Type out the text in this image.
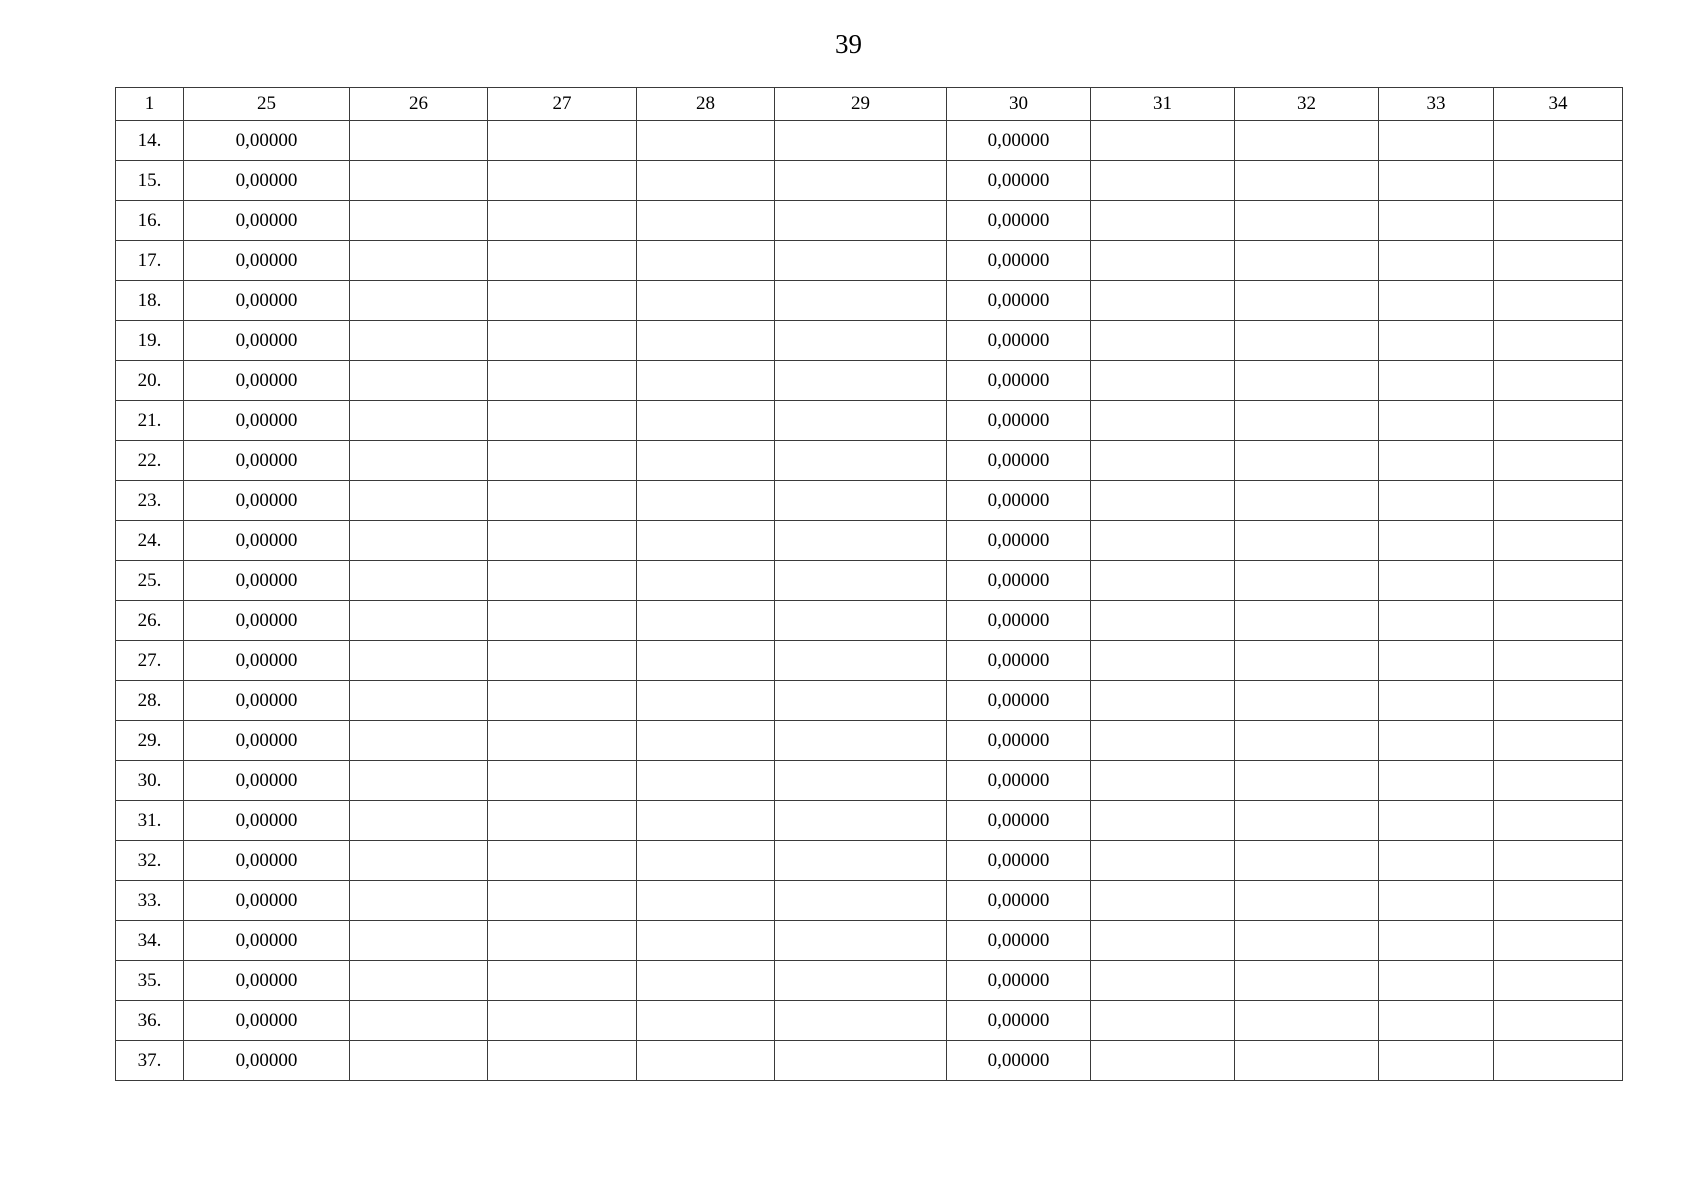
39
1	25	26	27	28	29	30	31	32	33	34
14.	0,00000					0,00000				
15.	0,00000					0,00000				
16.	0,00000					0,00000				
17.	0,00000					0,00000				
18.	0,00000					0,00000				
19.	0,00000					0,00000				
20.	0,00000					0,00000				
21.	0,00000					0,00000				
22.	0,00000					0,00000				
23.	0,00000					0,00000				
24.	0,00000					0,00000				
25.	0,00000					0,00000				
26.	0,00000					0,00000				
27.	0,00000					0,00000				
28.	0,00000					0,00000				
29.	0,00000					0,00000				
30.	0,00000					0,00000				
31.	0,00000					0,00000				
32.	0,00000					0,00000				
33.	0,00000					0,00000				
34.	0,00000					0,00000				
35.	0,00000					0,00000				
36.	0,00000					0,00000				
37.	0,00000					0,00000				
